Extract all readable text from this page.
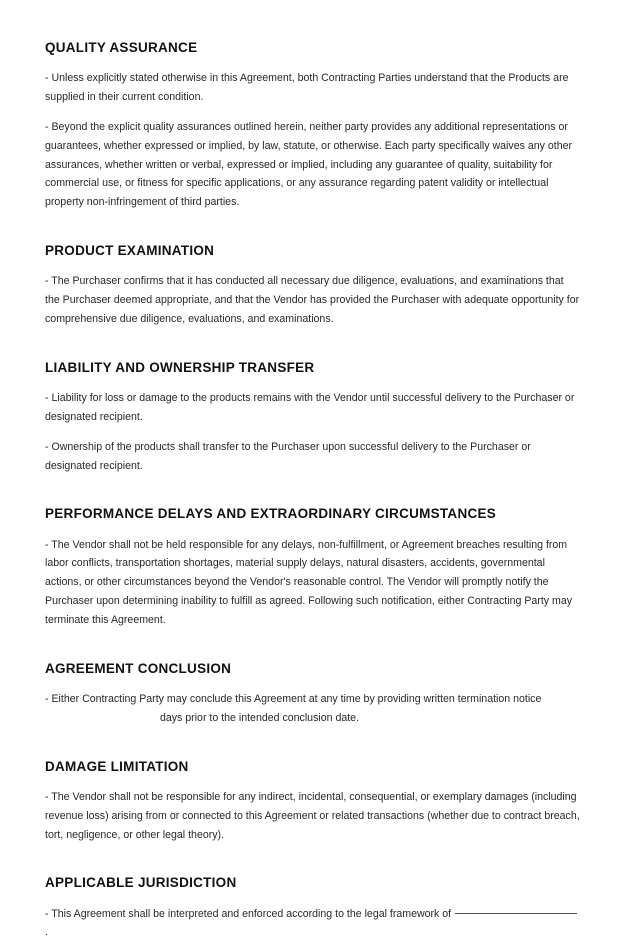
QUALITY ASSURANCE

- Unless explicitly stated otherwise in this Agreement, both Contracting Parties understand that the Products are supplied in their current condition.

- Beyond the explicit quality assurances outlined herein, neither party provides any additional representations or guarantees, whether expressed or implied, by law, statute, or otherwise. Each party specifically waives any other assurances, whether written or verbal, expressed or implied, including any guarantee of quality, suitability for commercial use, or fitness for specific applications, or any assurance regarding patent validity or intellectual property non-infringement of third parties.

PRODUCT EXAMINATION

- The Purchaser confirms that it has conducted all necessary due diligence, evaluations, and examinations that the Purchaser deemed appropriate, and that the Vendor has provided the Purchaser with adequate opportunity for comprehensive due diligence, evaluations, and examinations.

LIABILITY AND OWNERSHIP TRANSFER

- Liability for loss or damage to the products remains with the Vendor until successful delivery to the Purchaser or designated recipient.

- Ownership of the products shall transfer to the Purchaser upon successful delivery to the Purchaser or designated recipient.

PERFORMANCE DELAYS AND EXTRAORDINARY CIRCUMSTANCES

- The Vendor shall not be held responsible for any delays, non-fulfillment, or Agreement breaches resulting from labor conflicts, transportation shortages, material supply delays, natural disasters, accidents, governmental actions, or other circumstances beyond the Vendor's reasonable control. The Vendor will promptly notify the Purchaser upon determining inability to fulfill as agreed. Following such notification, either Contracting Party may terminate this Agreement.

AGREEMENT CONCLUSION

- Either Contracting Party may conclude this Agreement at any time by providing written termination notice  days prior to the intended conclusion date.

DAMAGE LIMITATION

- The Vendor shall not be responsible for any indirect, incidental, consequential, or exemplary damages (including revenue loss) arising from or connected to this Agreement or related transactions (whether due to contract breach, tort, negligence, or other legal theory).

APPLICABLE JURISDICTION

- This Agreement shall be interpreted and enforced according to the legal framework of .
